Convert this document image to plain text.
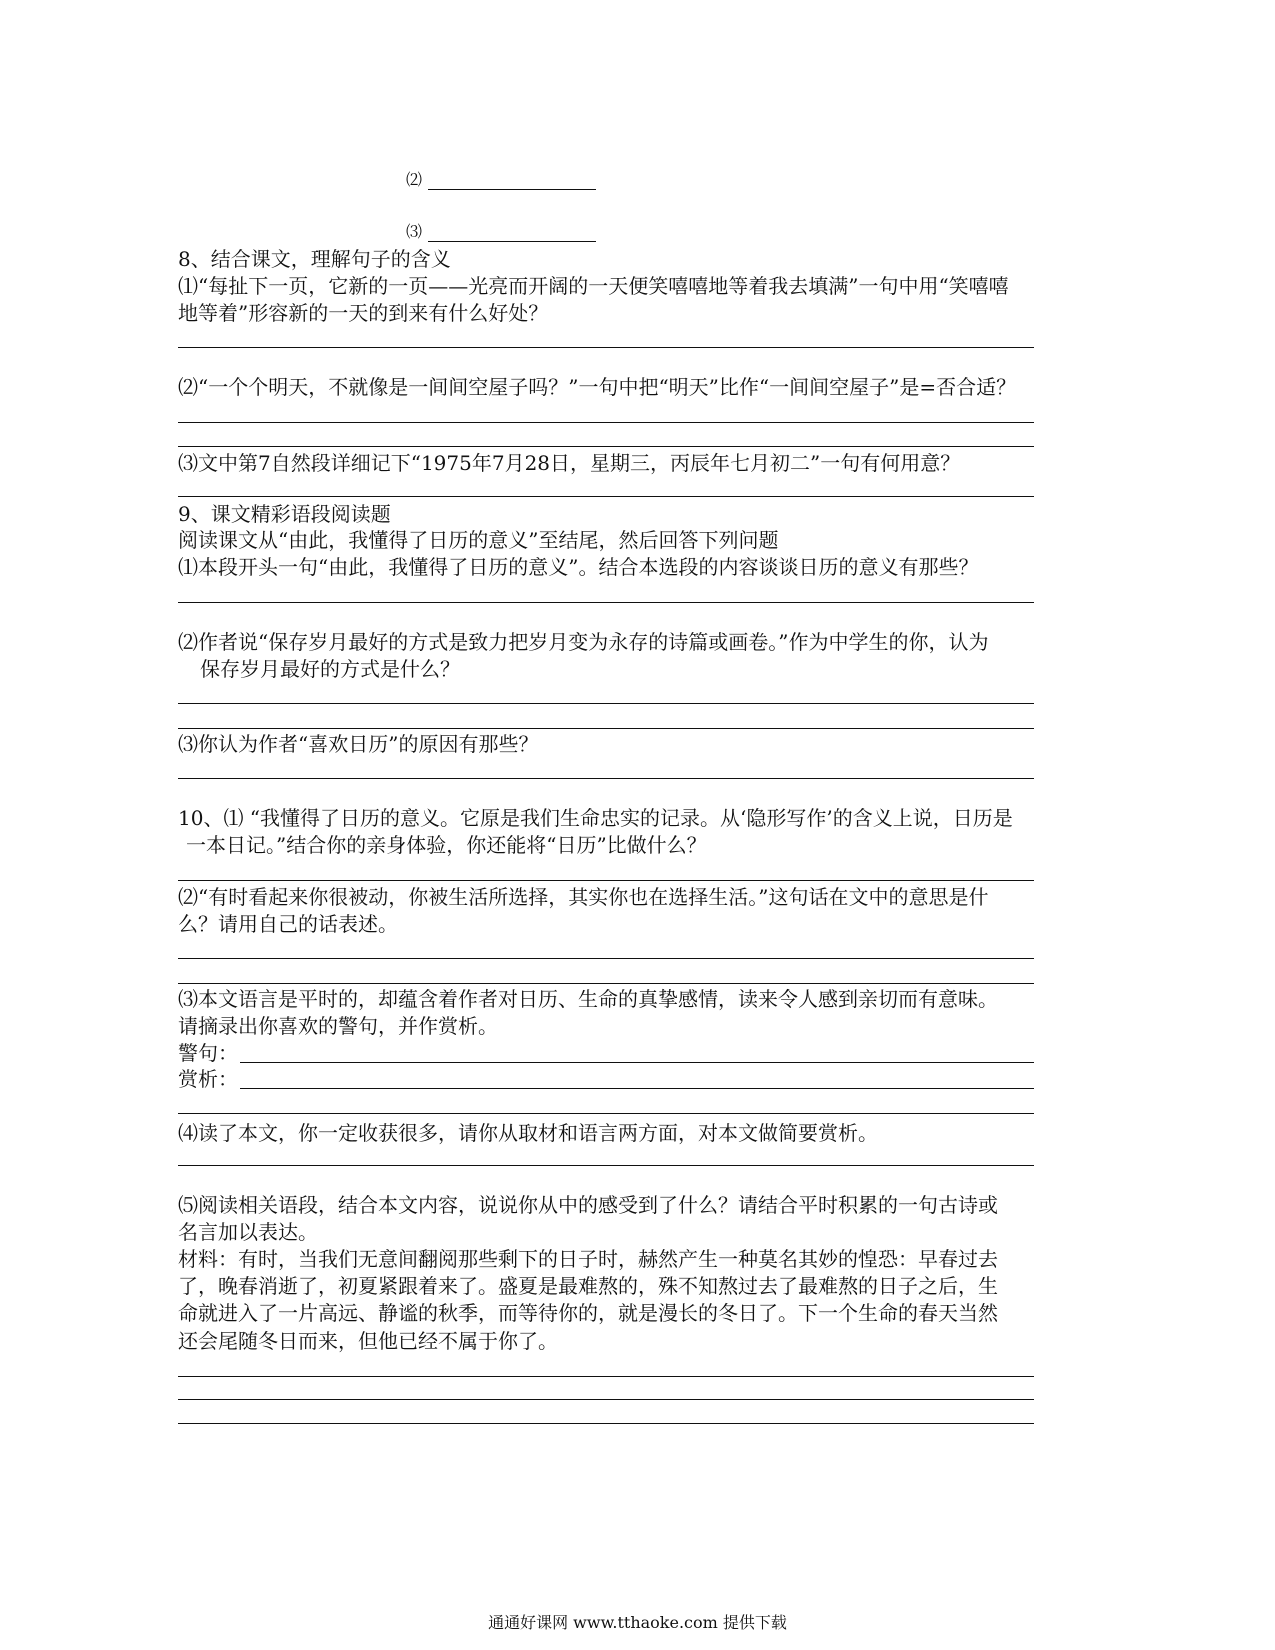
⑵
⑶
8、结合课文，理解句子的含义
⑴“每扯下一页，它新的一页——光亮而开阔的一天便笑嘻嘻地等着我去填满”一句中用“笑嘻嘻
地等着”形容新的一天的到来有什么好处？
⑵“一个个明天，不就像是一间间空屋子吗？”一句中把“明天”比作“一间间空屋子”是=否合适？
⑶文中第7自然段详细记下“1975年7月28日，星期三，丙辰年七月初二”一句有何用意？
9、课文精彩语段阅读题
阅读课文从“由此，我懂得了日历的意义”至结尾，然后回答下列问题
⑴本段开头一句“由此，我懂得了日历的意义”。结合本选段的内容谈谈日历的意义有那些？
⑵作者说“保存岁月最好的方式是致力把岁月变为永存的诗篇或画卷。”作为中学生的你，认为
保存岁月最好的方式是什么？
⑶你认为作者“喜欢日历”的原因有那些？
10、⑴ “我懂得了日历的意义。它原是我们生命忠实的记录。从‘隐形写作’的含义上说，日历是
一本日记。”结合你的亲身体验，你还能将“日历”比做什么？
⑵“有时看起来你很被动，你被生活所选择，其实你也在选择生活。”这句话在文中的意思是什
么？请用自己的话表述。
⑶本文语言是平时的，却蕴含着作者对日历、生命的真挚感情，读来令人感到亲切而有意味。
请摘录出你喜欢的警句，并作赏析。
警句：
赏析：
⑷读了本文，你一定收获很多，请你从取材和语言两方面，对本文做简要赏析。
⑸阅读相关语段，结合本文内容，说说你从中的感受到了什么？请结合平时积累的一句古诗或
名言加以表达。
材料：有时，当我们无意间翻阅那些剩下的日子时，赫然产生一种莫名其妙的惶恐：早春过去
了，晚春消逝了，初夏紧跟着来了。盛夏是最难熬的，殊不知熬过去了最难熬的日子之后，生
命就进入了一片高远、静谧的秋季，而等待你的，就是漫长的冬日了。下一个生命的春天当然
还会尾随冬日而来，但他已经不属于你了。
通通好课网 www.tthaoke.com 提供下载
